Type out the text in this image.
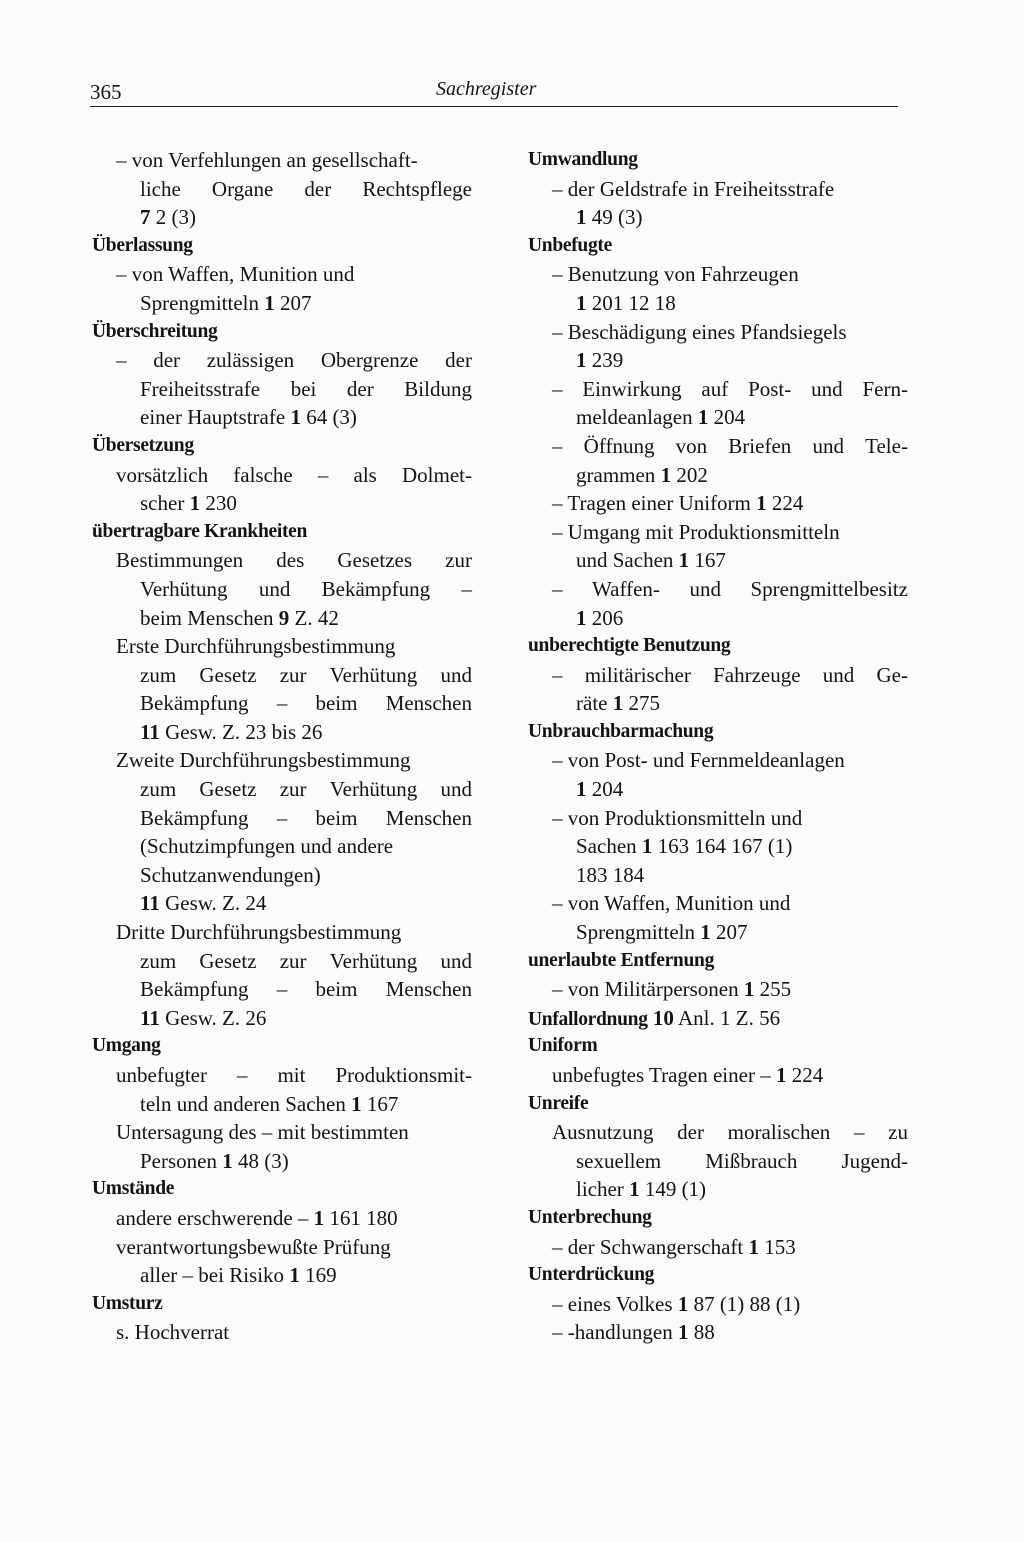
365	Sachregister
– von Verfehlungen an gesellschaft-
liche Organe der Rechtspflege
7 2 (3)
Überlassung
– von Waffen, Munition und
Sprengmitteln 1 207
Überschreitung
– der zulässigen Obergrenze der
Freiheitsstrafe bei der Bildung
einer Hauptstrafe 1 64 (3)
Übersetzung
vorsätzlich falsche – als Dolmet-
scher 1 230
übertragbare Krankheiten
Bestimmungen des Gesetzes zur
Verhütung und Bekämpfung –
beim Menschen 9 Z. 42
Erste Durchführungsbestimmung
zum Gesetz zur Verhütung und
Bekämpfung – beim Menschen
11 Gesw. Z. 23 bis 26
Zweite Durchführungsbestimmung
zum Gesetz zur Verhütung und
Bekämpfung – beim Menschen
(Schutzimpfungen und andere
Schutzanwendungen)
11 Gesw. Z. 24
Dritte Durchführungsbestimmung
zum Gesetz zur Verhütung und
Bekämpfung – beim Menschen
11 Gesw. Z. 26
Umgang
unbefugter – mit Produktionsmit-
teln und anderen Sachen 1 167
Untersagung des – mit bestimmten
Personen 1 48 (3)
Umstände
andere erschwerende – 1 161 180
verantwortungsbewußte Prüfung
aller – bei Risiko 1 169
Umsturz
s. Hochverrat
Umwandlung
– der Geldstrafe in Freiheitsstrafe
1 49 (3)
Unbefugte
– Benutzung von Fahrzeugen
1 201 12 18
– Beschädigung eines Pfandsiegels
1 239
– Einwirkung auf Post- und Fern-
meldeanlagen 1 204
– Öffnung von Briefen und Tele-
grammen 1 202
– Tragen einer Uniform 1 224
– Umgang mit Produktionsmitteln
und Sachen 1 167
– Waffen- und Sprengmittelbesitz
1 206
unberechtigte Benutzung
– militärischer Fahrzeuge und Ge-
räte 1 275
Unbrauchbarmachung
– von Post- und Fernmeldeanlagen
1 204
– von Produktionsmitteln und
Sachen 1 163 164 167 (1)
183 184
– von Waffen, Munition und
Sprengmitteln 1 207
unerlaubte Entfernung
– von Militärpersonen 1 255
Unfallordnung 10 Anl. 1 Z. 56
Uniform
unbefugtes Tragen einer – 1 224
Unreife
Ausnutzung der moralischen – zu
sexuellem Mißbrauch Jugend-
licher 1 149 (1)
Unterbrechung
– der Schwangerschaft 1 153
Unterdrückung
– eines Volkes 1 87 (1) 88 (1)
– -handlungen 1 88
